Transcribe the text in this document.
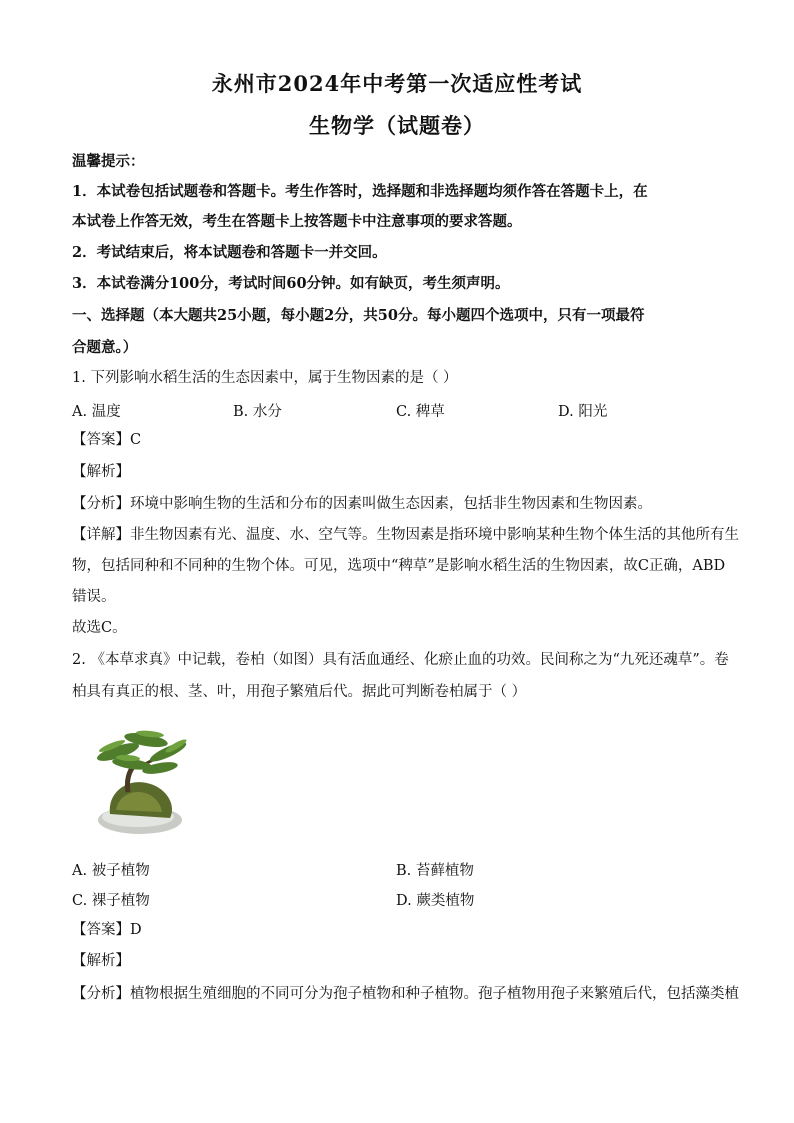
永州市2024年中考第一次适应性考试
生物学（试题卷）
温馨提示：
1．本试卷包括试题卷和答题卡。考生作答时，选择题和非选择题均须作答在答题卡上，在
本试卷上作答无效，考生在答题卡上按答题卡中注意事项的要求答题。
2．考试结束后，将本试题卷和答题卡一并交回。
3．本试卷满分100分，考试时间60分钟。如有缺页，考生须声明。
一、选择题（本大题共25小题，每小题2分，共50分。每小题四个选项中，只有一项最符
合题意。）
1. 下列影响水稻生活的生态因素中，属于生物因素的是（ ）
A. 温度	B. 水分	C. 稗草	D. 阳光
【答案】C
【解析】
【分析】环境中影响生物的生活和分布的因素叫做生态因素，包括非生物因素和生物因素。
【详解】非生物因素有光、温度、水、空气等。生物因素是指环境中影响某种生物个体生活的其他所有生
物，包括同种和不同种的生物个体。可见，选项中“稗草”是影响水稻生活的生物因素，故C正确，ABD
错误。
故选C。
2. 《本草求真》中记载，卷柏（如图）具有活血通经、化瘀止血的功效。民间称之为“九死还魂草”。卷
柏具有真正的根、茎、叶，用孢子繁殖后代。据此可判断卷柏属于（ ）
A. 被子植物	B. 苔藓植物
C. 裸子植物	D. 蕨类植物
【答案】D
【解析】
【分析】植物根据生殖细胞的不同可分为孢子植物和种子植物。孢子植物用孢子来繁殖后代，包括藻类植
